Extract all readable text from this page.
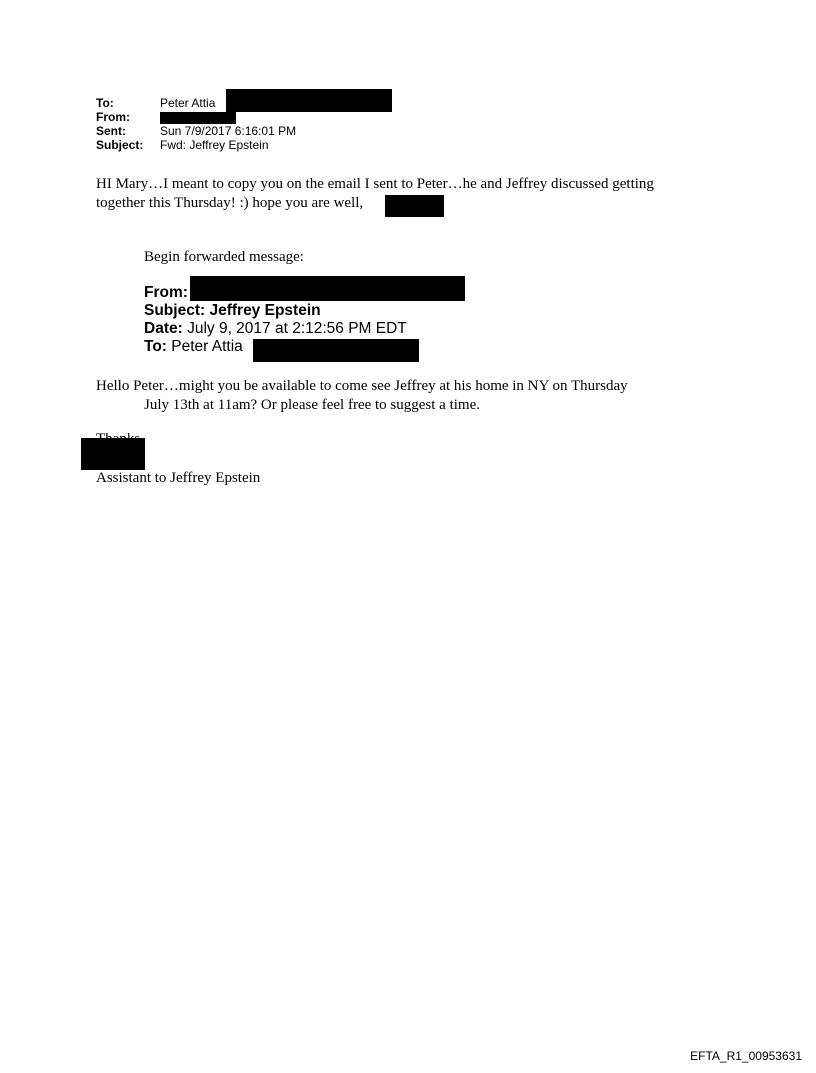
To:	Peter Attia
From:
Sent:	Sun 7/9/2017 6:16:01 PM
Subject: Fwd: Jeffrey Epstein
HI Mary…I meant to copy you on the email I sent to Peter…he and Jeffrey discussed getting
together this Thursday! :) hope you are well,
Begin forwarded message:
From:
Subject: Jeffrey Epstein
Date: July 9, 2017 at 2:12:56 PM EDT
To: Peter Attia
Hello Peter…might you be available to come see Jeffrey at his home in NY on Thursday
July 13th at 11am? Or please feel free to suggest a time.
Assistant to Jeffrey Epstein
EFTA_R1_00953631
